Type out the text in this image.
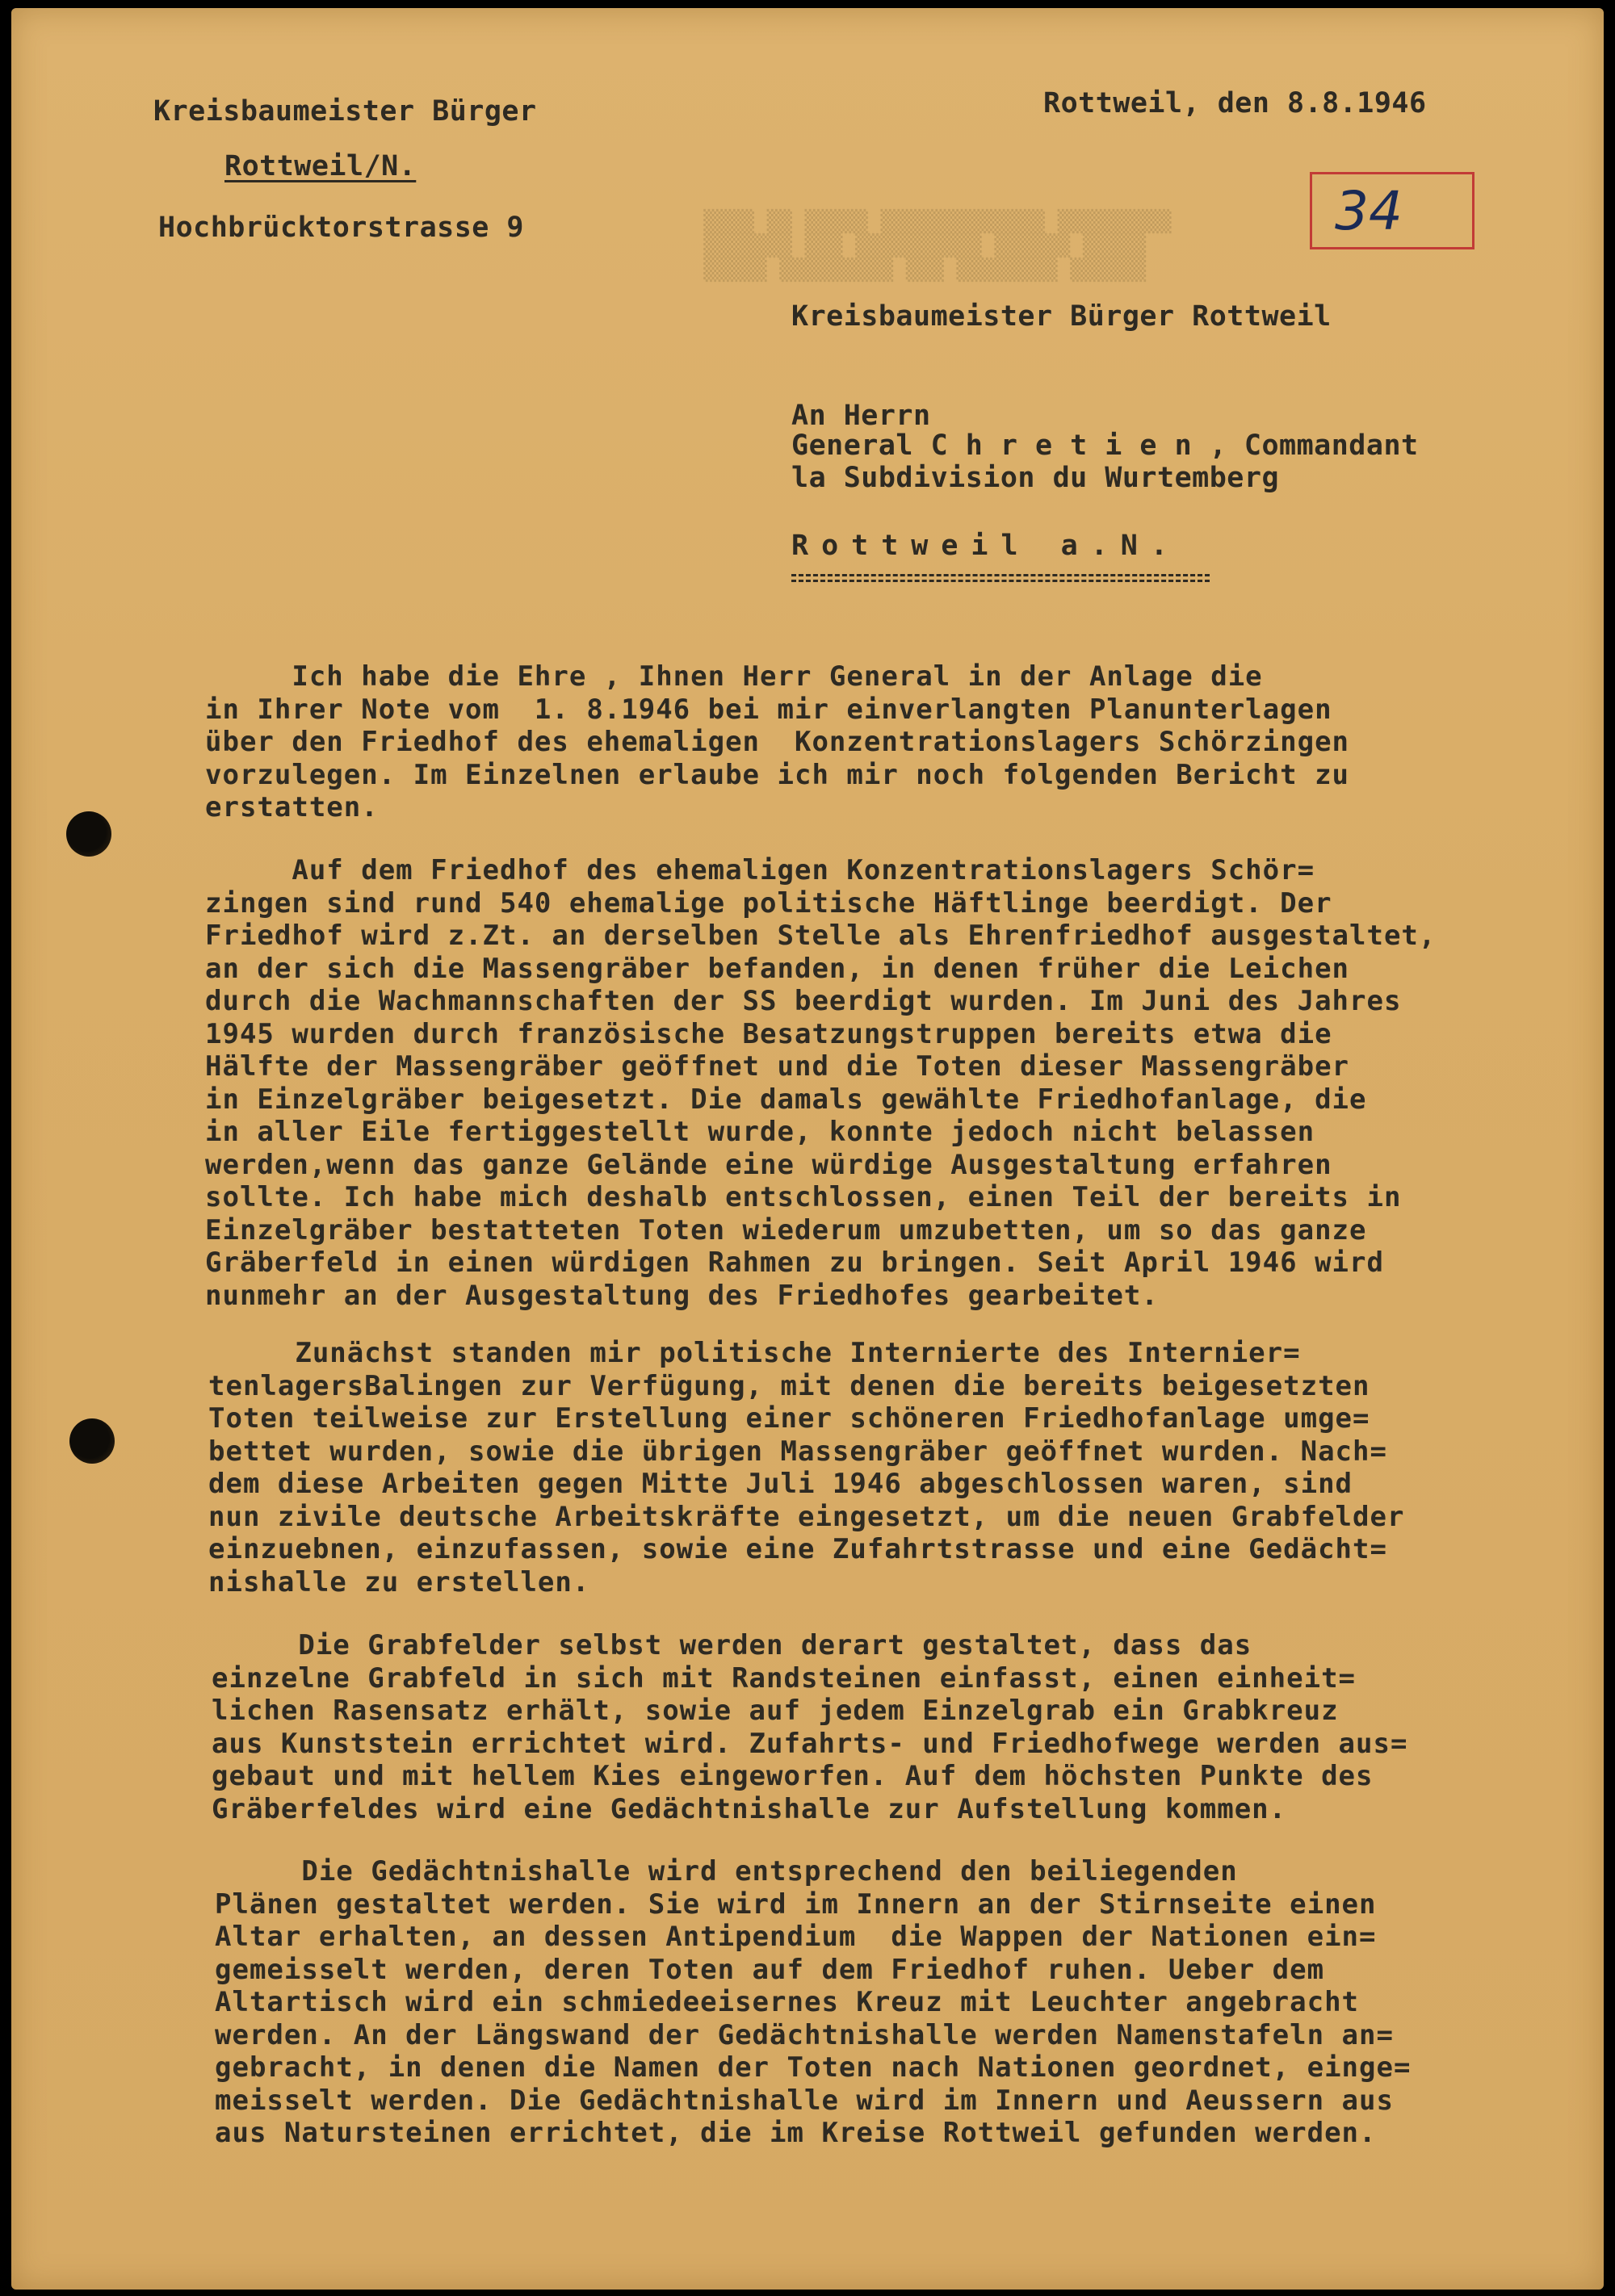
▒▒▒▒ ▒▒ ▒▒▒▒▒ ▒▒▒▒▒▒▒▒▒▒▒▒▒ ▒▒▒▒▒▒▒▒▒
▒▒▒▒▒▒▒ ▒▒▒ ▒▒▒▒▒▒▒▒▒▒ ▒▒▒▒▒▒ ▒▒▒▒▒
▒▒▒▒▒ ▒▒▒▒▒▒▒▒▒ ▒▒▒ ▒▒▒▒▒▒▒▒ ▒▒▒▒▒▒

Kreisbaumeister Bürger

Rottweil/N.

Hochbrücktorstrasse 9

Rottweil, den 8.8.1946

34

Kreisbaumeister Bürger Rottweil

An Herrn

General C h r e t i e n , Commandant

la Subdivision du Wurtemberg

Rottweil a.N.

Ich habe die Ehre , Ihnen Herr General in der Anlage die
in Ihrer Note vom  1. 8.1946 bei mir einverlangten Planunterlagen
über den Friedhof des ehemaligen  Konzentrationslagers Schörzingen
vorzulegen. Im Einzelnen erlaube ich mir noch folgenden Bericht zu
erstatten.

Auf dem Friedhof des ehemaligen Konzentrationslagers Schör=
zingen sind rund 540 ehemalige politische Häftlinge beerdigt. Der
Friedhof wird z.Zt. an derselben Stelle als Ehrenfriedhof ausgestaltet,
an der sich die Massengräber befanden, in denen früher die Leichen
durch die Wachmannschaften der SS beerdigt wurden. Im Juni des Jahres
1945 wurden durch französische Besatzungstruppen bereits etwa die
Hälfte der Massengräber geöffnet und die Toten dieser Massengräber
in Einzelgräber beigesetzt. Die damals gewählte Friedhofanlage, die
in aller Eile fertiggestellt wurde, konnte jedoch nicht belassen
werden,wenn das ganze Gelände eine würdige Ausgestaltung erfahren
sollte. Ich habe mich deshalb entschlossen, einen Teil der bereits in
Einzelgräber bestatteten Toten wiederum umzubetten, um so das ganze
Gräberfeld in einen würdigen Rahmen zu bringen. Seit April 1946 wird
nunmehr an der Ausgestaltung des Friedhofes gearbeitet.

Zunächst standen mir politische Internierte des Internier=
tenlagersBalingen zur Verfügung, mit denen die bereits beigesetzten
Toten teilweise zur Erstellung einer schöneren Friedhofanlage umge=
bettet wurden, sowie die übrigen Massengräber geöffnet wurden. Nach=
dem diese Arbeiten gegen Mitte Juli 1946 abgeschlossen waren, sind
nun zivile deutsche Arbeitskräfte eingesetzt, um die neuen Grabfelder
einzuebnen, einzufassen, sowie eine Zufahrtstrasse und eine Gedächt=
nishalle zu erstellen.

Die Grabfelder selbst werden derart gestaltet, dass das
einzelne Grabfeld in sich mit Randsteinen einfasst, einen einheit=
lichen Rasensatz erhält, sowie auf jedem Einzelgrab ein Grabkreuz
aus Kunststein errichtet wird. Zufahrts- und Friedhofwege werden aus=
gebaut und mit hellem Kies eingeworfen. Auf dem höchsten Punkte des
Gräberfeldes wird eine Gedächtnishalle zur Aufstellung kommen.

Die Gedächtnishalle wird entsprechend den beiliegenden
Plänen gestaltet werden. Sie wird im Innern an der Stirnseite einen
Altar erhalten, an dessen Antipendium  die Wappen der Nationen ein=
gemeisselt werden, deren Toten auf dem Friedhof ruhen. Ueber dem
Altartisch wird ein schmiedeeisernes Kreuz mit Leuchter angebracht
werden. An der Längswand der Gedächtnishalle werden Namenstafeln an=
gebracht, in denen die Namen der Toten nach Nationen geordnet, einge=
meisselt werden. Die Gedächtnishalle wird im Innern und Aeussern aus
aus Natursteinen errichtet, die im Kreise Rottweil gefunden werden.
